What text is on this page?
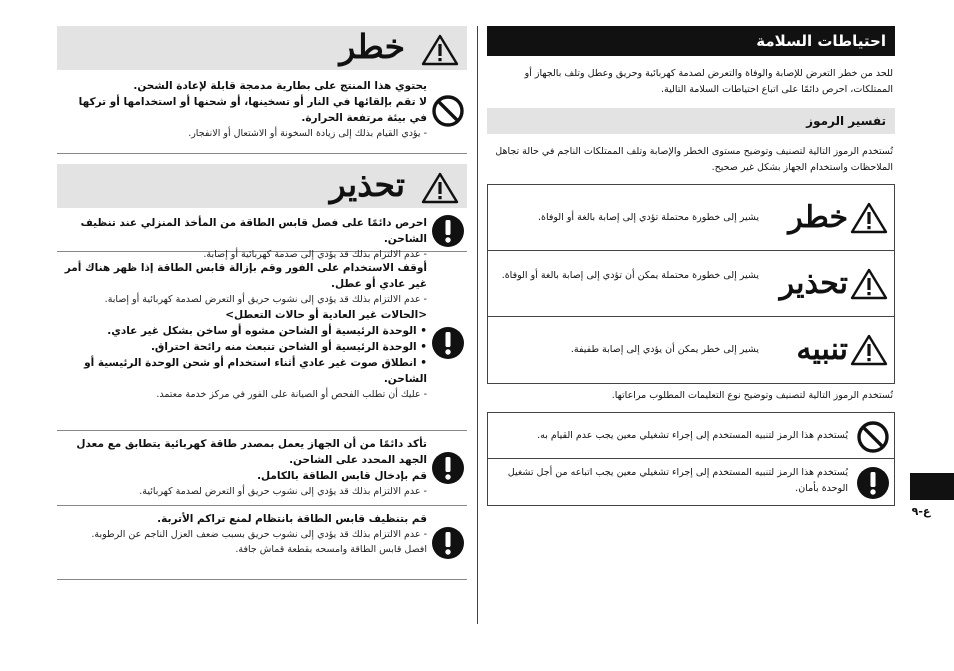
خطر
يحتوي هذا المنتج على بطارية مدمجة قابلة لإعادة الشحن.
لا تقم بإلقائها في النار أو تسخينها، أو شحنها أو استخدامها أو تركها في بيئة مرتفعة الحرارة.
- يؤدي القيام بذلك إلى زيادة السخونة أو الاشتعال أو الانفجار.
تحذير
احرص دائمًا على فصل قابس الطاقة من المأخذ المنزلي عند تنظيف الشاحن.
- عدم الالتزام بذلك قد يؤدي إلى صدمة كهربائية أو إصابة.
أوقف الاستخدام على الفور وقم بإزالة قابس الطاقة إذا ظهر هناك أمر غير عادي أو عطل.
- عدم الالتزام بذلك قد يؤدي إلى نشوب حريق أو التعرض لصدمة كهربائية أو إصابة.
<الحالات غير العادية أو حالات التعطل>
• الوحدة الرئيسية أو الشاحن مشوه أو ساخن بشكل غير عادي.
• الوحدة الرئيسية أو الشاحن تنبعث منه رائحة احتراق.
• انطلاق صوت غير عادي أثناء استخدام أو شحن الوحدة الرئيسية أو الشاحن.
- عليك أن تطلب الفحص أو الصيانة على الفور في مركز خدمة معتمد.
تأكد دائمًا من أن الجهاز يعمل بمصدر طاقة كهربائية يتطابق مع معدل الجهد المحدد على الشاحن.
قم بإدخال قابس الطاقة بالكامل.
- عدم الالتزام بذلك قد يؤدي إلى نشوب حريق أو التعرض لصدمة كهربائية.
قم بتنظيف قابس الطاقة بانتظام لمنع تراكم الأتربة.
- عدم الالتزام بذلك قد يؤدي إلى نشوب حريق بسبب ضعف العزل الناجم عن الرطوبة.
افصل قابس الطاقة وامسحه بقطعة قماش جافة.
احتياطات السلامة
للحد من خطر التعرض للإصابة والوفاة والتعرض لصدمة كهربائية وحريق وعطل وتلف بالجهاز أو الممتلكات، احرص دائمًا على اتباع احتياطات السلامة التالية.
تفسير الرموز
تُستخدم الرموز التالية لتصنيف وتوضيح مستوى الخطر والإصابة وتلف الممتلكات الناجم في حالة تجاهل الملاحظات واستخدام الجهاز بشكل غير صحيح.
خطر
يشير إلى خطورة محتملة تؤدي إلى إصابة بالغة أو الوفاة.
تحذير
يشير إلى خطورة محتملة يمكن أن تؤدي إلى إصابة بالغة أو الوفاة.
تنبيه
يشير إلى خطر يمكن أن يؤدي إلى إصابة طفيفة.
تُستخدم الرموز التالية لتصنيف وتوضيح نوع التعليمات المطلوب مراعاتها.
يُستخدم هذا الرمز لتنبيه المستخدم إلى إجراء تشغيلي معين يجب عدم القيام به.
يُستخدم هذا الرمز لتنبيه المستخدم إلى إجراء تشغيلي معين يجب اتباعه من أجل تشغيل الوحدة بأمان.
ع-٩
